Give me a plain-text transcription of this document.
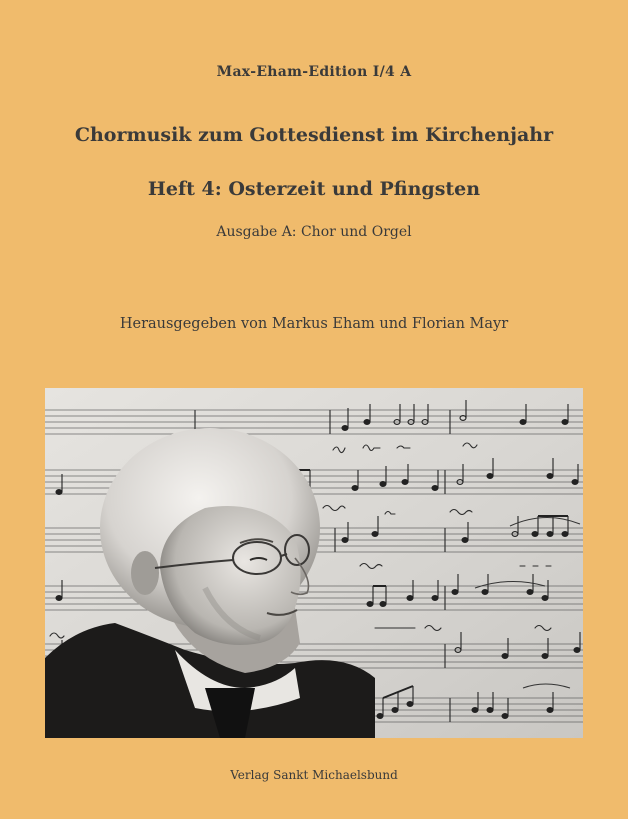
Max-Eham-Edition I/4 A
Chormusik zum Gottesdienst im Kirchenjahr
Heft 4: Osterzeit und Pfingsten
Ausgabe A: Chor und Orgel
Herausgegeben von Markus Eham und Florian Mayr
Verlag Sankt Michaelsbund
